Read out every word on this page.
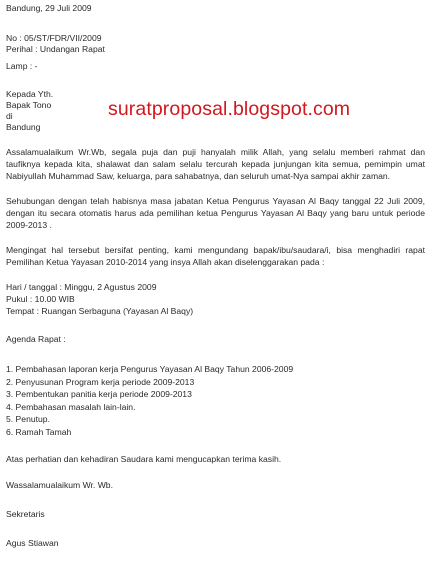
Bandung, 29 Juli 2009
No : 05/ST/FDR/VII/2009
Perihal : Undangan Rapat
Lamp : -
Kepada Yth.
Bapak Tono
di
Bandung
Assalamualaikum Wr.Wb, segala puja dan puji hanyalah milik Allah, yang selalu memberi rahmat dan taufiknya kepada kita, shalawat dan salam selalu tercurah kepada junjungan kita semua, pemimpin umat Nabiyullah Muhammad Saw, keluarga, para sahabatnya, dan seluruh umat-Nya sampai akhir zaman.
Sehubungan dengan telah habisnya masa jabatan Ketua Pengurus Yayasan Al Baqy tanggal 22 Juli 2009, dengan itu secara otomatis harus ada pemilihan ketua Pengurus Yayasan Al Baqy yang baru untuk periode 2009-2013 .
Mengingat hal tersebut bersifat penting, kami mengundang bapak/ibu/saudara/i, bisa menghadiri rapat Pemilihan Ketua Yayasan 2010-2014 yang insya Allah akan diselenggarakan pada :
Hari / tanggal : Minggu, 2 Agustus 2009
Pukul : 10.00 WIB
Tempat : Ruangan Serbaguna (Yayasan Al Baqy)
Agenda Rapat :
1. Pembahasan laporan kerja Pengurus Yayasan Al Baqy Tahun 2006-2009
2. Penyusunan Program kerja periode 2009-2013
3. Pembentukan panitia kerja periode 2009-2013
4. Pembahasan masalah lain-lain.
5. Penutup.
6. Ramah Tamah
Atas perhatian dan kehadiran Saudara kami mengucapkan terima kasih.
Wassalamualaikum Wr. Wb.
Sekretaris
Agus Stiawan
suratproposal.blogspot.com
